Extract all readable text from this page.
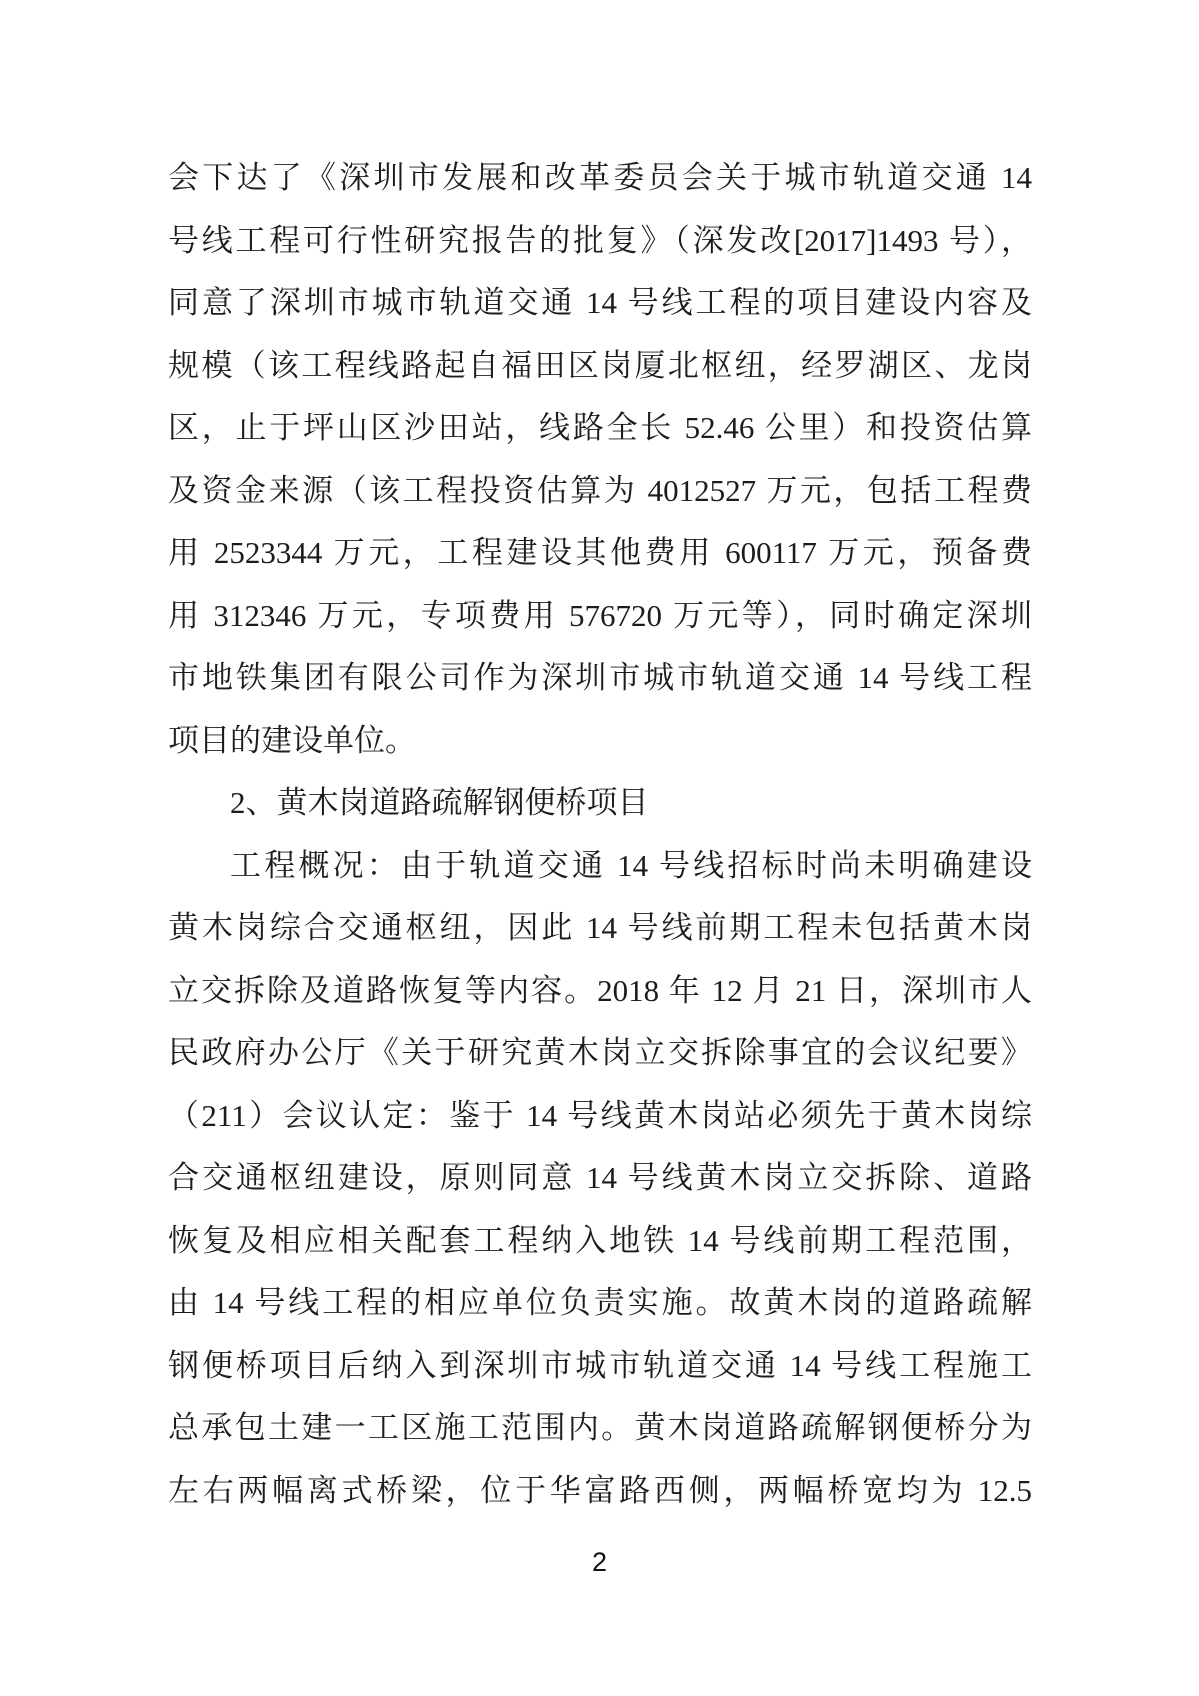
会下达了《深圳市发展和改革委员会关于城市轨道交通 14
号线工程可行性研究报告的批复》（深发改[2017]1493 号），
同意了深圳市城市轨道交通 14 号线工程的项目建设内容及
规模（该工程线路起自福田区岗厦北枢纽，经罗湖区、龙岗
区，止于坪山区沙田站，线路全长 52.46 公里）和投资估算
及资金来源（该工程投资估算为 4012527 万元，包括工程费
用 2523344 万元，工程建设其他费用 600117 万元，预备费
用 312346 万元，专项费用 576720 万元等），同时确定深圳
市地铁集团有限公司作为深圳市城市轨道交通 14 号线工程
项目的建设单位。
2、黄木岗道路疏解钢便桥项目
工程概况：由于轨道交通 14 号线招标时尚未明确建设
黄木岗综合交通枢纽，因此 14 号线前期工程未包括黄木岗
立交拆除及道路恢复等内容。2018 年 12 月 21 日，深圳市人
民政府办公厅《关于研究黄木岗立交拆除事宜的会议纪要》
（211）会议认定：鉴于 14 号线黄木岗站必须先于黄木岗综
合交通枢纽建设，原则同意 14 号线黄木岗立交拆除、道路
恢复及相应相关配套工程纳入地铁 14 号线前期工程范围，
由 14 号线工程的相应单位负责实施。故黄木岗的道路疏解
钢便桥项目后纳入到深圳市城市轨道交通 14 号线工程施工
总承包土建一工区施工范围内。黄木岗道路疏解钢便桥分为
左右两幅离式桥梁，位于华富路西侧，两幅桥宽均为 12.5
2
